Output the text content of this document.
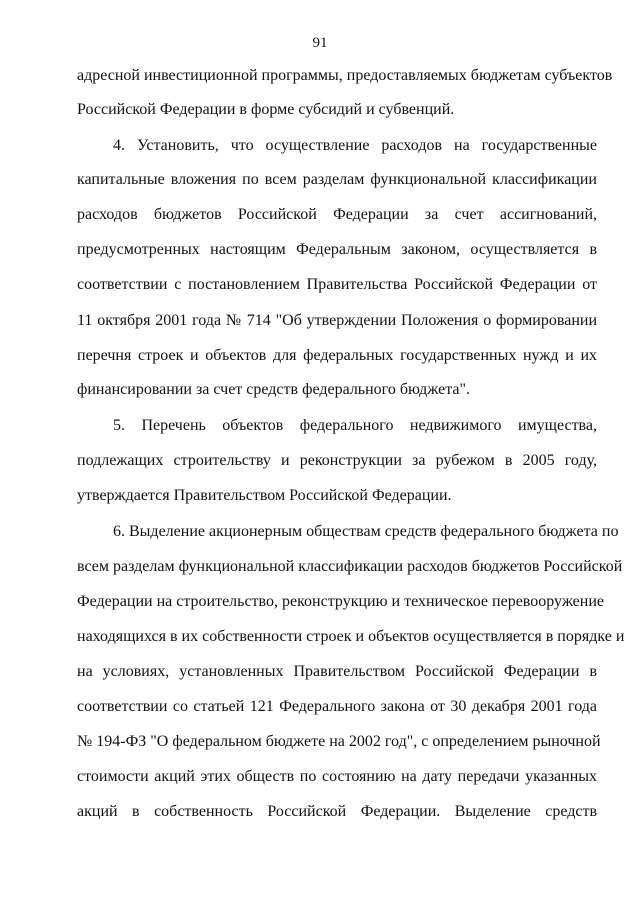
91
адресной инвестиционной программы, предоставляемых бюджетам субъектов
Российской Федерации в форме субсидий и субвенций.
4. Установить, что осуществление расходов на государственные
капитальные вложения по всем разделам функциональной классификации
расходов бюджетов Российской Федерации за счет ассигнований,
предусмотренных настоящим Федеральным законом, осуществляется в
соответствии с постановлением Правительства Российской Федерации от
11 октября 2001 года № 714 "Об утверждении Положения о формировании
перечня строек и объектов для федеральных государственных нужд и их
финансировании за счет средств федерального бюджета".
5. Перечень объектов федерального недвижимого имущества,
подлежащих строительству и реконструкции за рубежом в 2005 году,
утверждается Правительством Российской Федерации.
6. Выделение акционерным обществам средств федерального бюджета по
всем разделам функциональной классификации расходов бюджетов Российской
Федерации на строительство, реконструкцию и техническое перевооружение
находящихся в их собственности строек и объектов осуществляется в порядке и
на условиях, установленных Правительством Российской Федерации в
соответствии со статьей 121 Федерального закона от 30 декабря 2001 года
№ 194-ФЗ "О федеральном бюджете на 2002 год", с определением рыночной
стоимости акций этих обществ по состоянию на дату передачи указанных
акций в собственность Российской Федерации. Выделение средств
